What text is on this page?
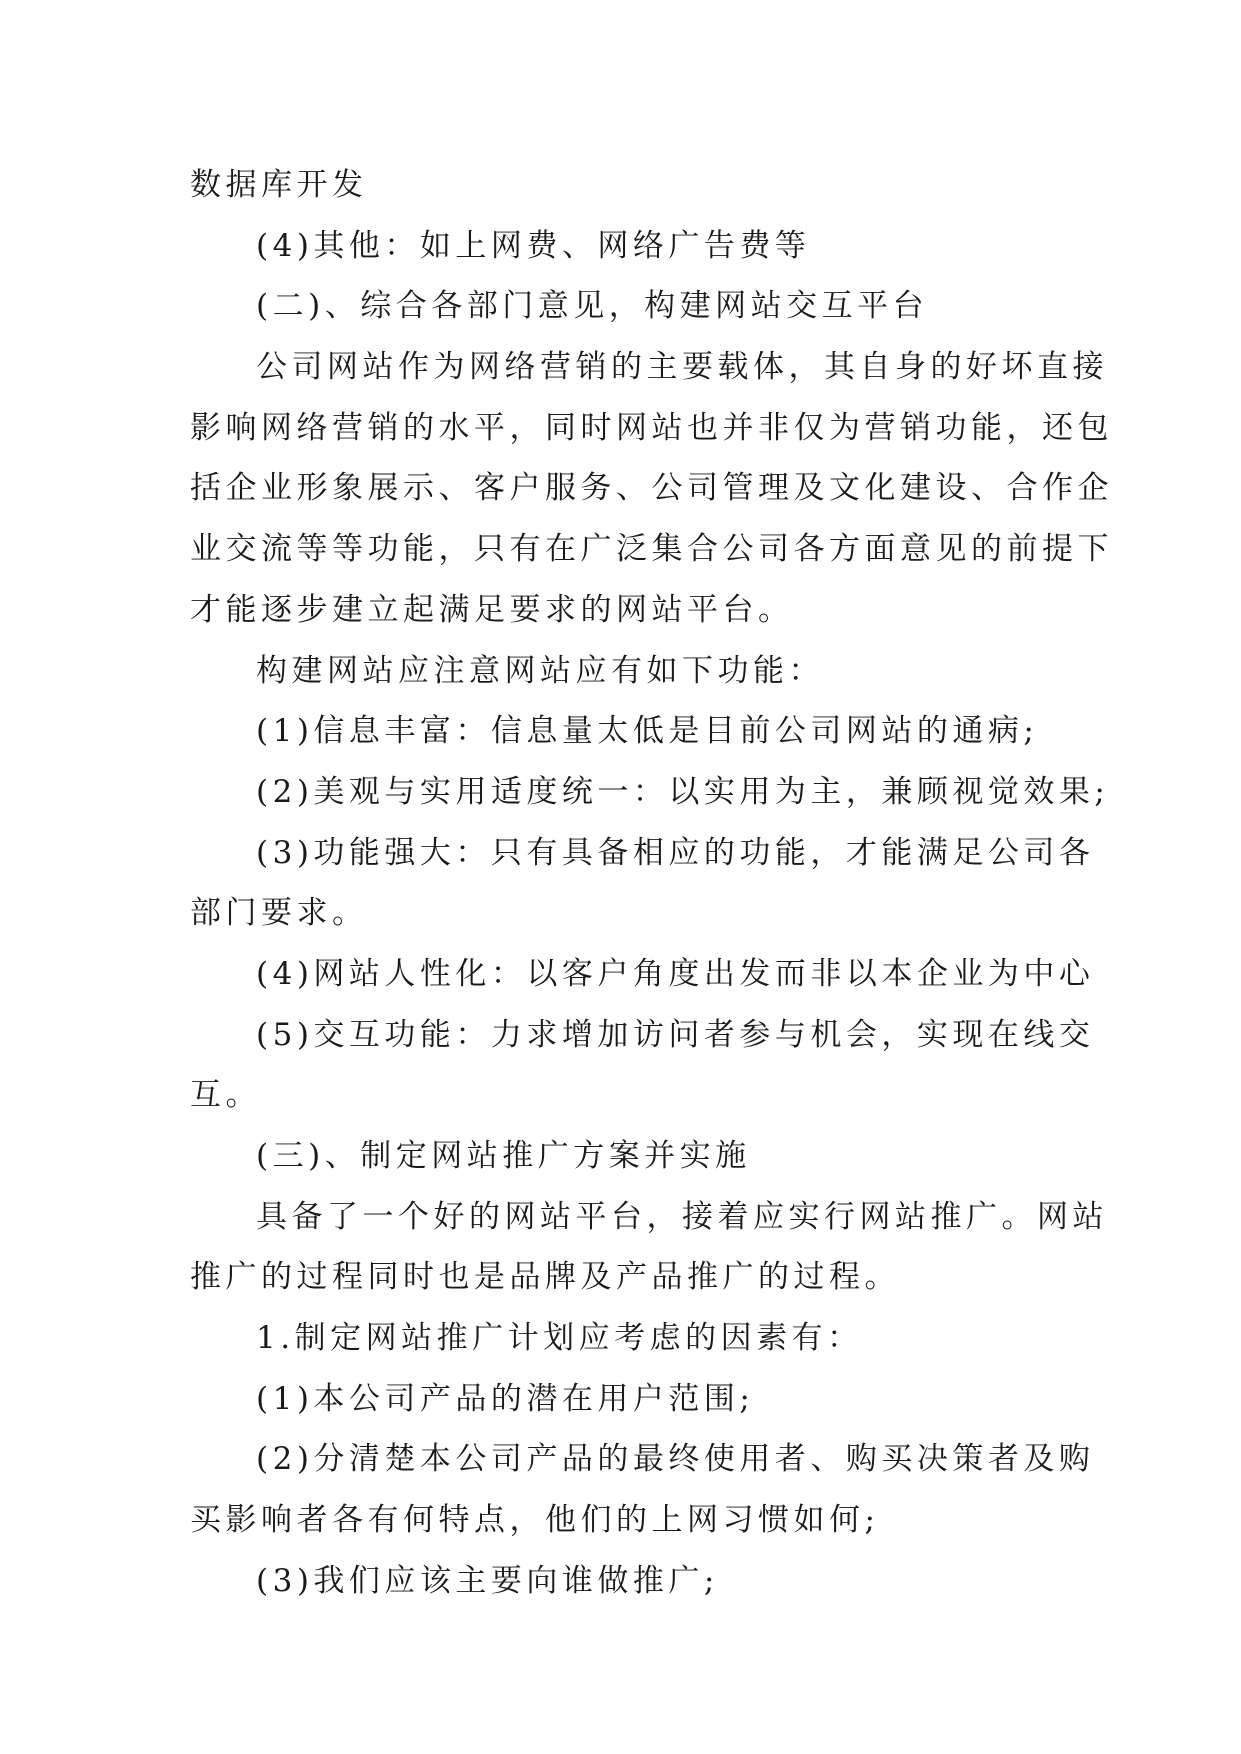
数据库开发
(4)其他：如上网费、网络广告费等
(二)、综合各部门意见，构建网站交互平台
公司网站作为网络营销的主要载体，其自身的好坏直接
影响网络营销的水平，同时网站也并非仅为营销功能，还包
括企业形象展示、客户服务、公司管理及文化建设、合作企
业交流等等功能，只有在广泛集合公司各方面意见的前提下
才能逐步建立起满足要求的网站平台。
构建网站应注意网站应有如下功能：
(1)信息丰富：信息量太低是目前公司网站的通病;
(2)美观与实用适度统一：以实用为主，兼顾视觉效果;
(3)功能强大：只有具备相应的功能，才能满足公司各
部门要求。
(4)网站人性化：以客户角度出发而非以本企业为中心
(5)交互功能：力求增加访问者参与机会，实现在线交
互。
(三)、制定网站推广方案并实施
具备了一个好的网站平台，接着应实行网站推广。网站
推广的过程同时也是品牌及产品推广的过程。
1.制定网站推广计划应考虑的因素有：
(1)本公司产品的潜在用户范围;
(2)分清楚本公司产品的最终使用者、购买决策者及购
买影响者各有何特点，他们的上网习惯如何;
(3)我们应该主要向谁做推广;
